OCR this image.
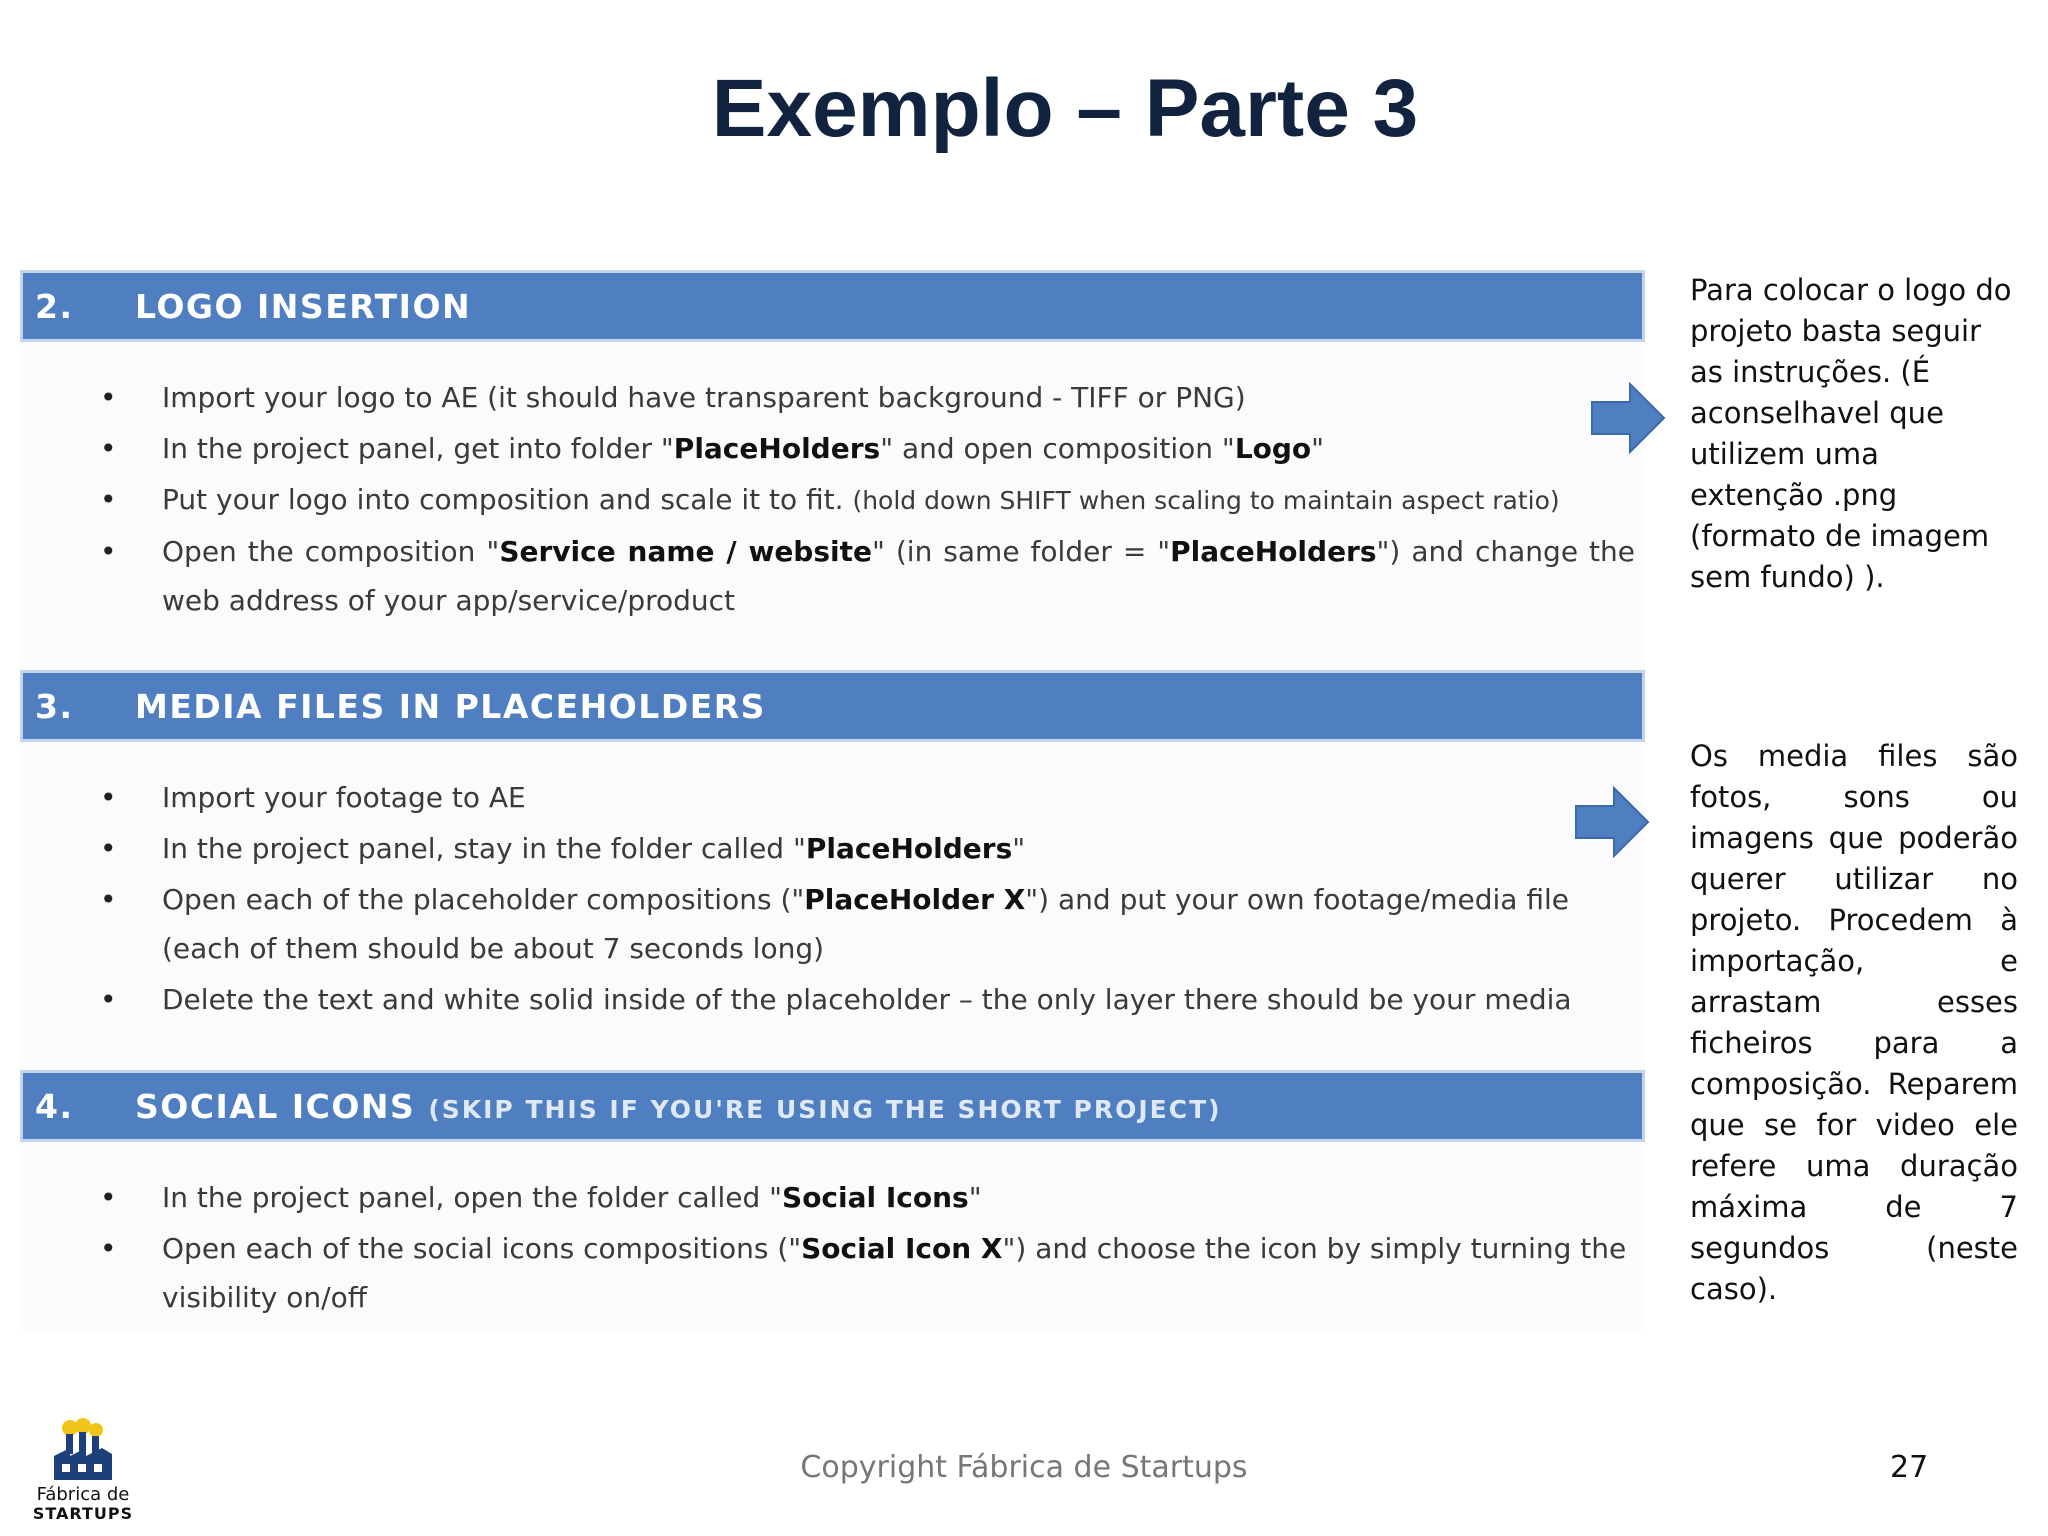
Exemplo – Parte 3
2. LOGO INSERTION
• Import your logo to AE (it should have transparent background - TIFF or PNG)
• In the project panel, get into folder "PlaceHolders" and open composition "Logo"
• Put your logo into composition and scale it to fit. (hold down SHIFT when scaling to maintain aspect ratio)
• Open the composition "Service name / website" (in same folder = "PlaceHolders") and change the web address of your app/service/product
3. MEDIA FILES IN PLACEHOLDERS
• Import your footage to AE
• In the project panel, stay in the folder called "PlaceHolders"
• Open each of the placeholder compositions ("PlaceHolder X") and put your own footage/media file (each of them should be about 7 seconds long)
• Delete the text and white solid inside of the placeholder – the only layer there should be your media
4. SOCIAL ICONS (SKIP THIS IF YOU'RE USING THE SHORT PROJECT)
• In the project panel, open the folder called "Social Icons"
• Open each of the social icons compositions ("Social Icon X") and choose the icon by simply turning the visibility on/off
Para colocar o logo do projeto basta seguir as instruções. (É aconselhavel que utilizem uma extenção .png (formato de imagem sem fundo) ).
Os media files são fotos, sons ou imagens que poderão querer utilizar no projeto. Procedem à importação, e arrastam esses ficheiros para a composição. Reparem que se for video ele refere uma duração máxima de 7 segundos (neste caso).
Fábrica de
STARTUPS
Copyright Fábrica de Startups	27
